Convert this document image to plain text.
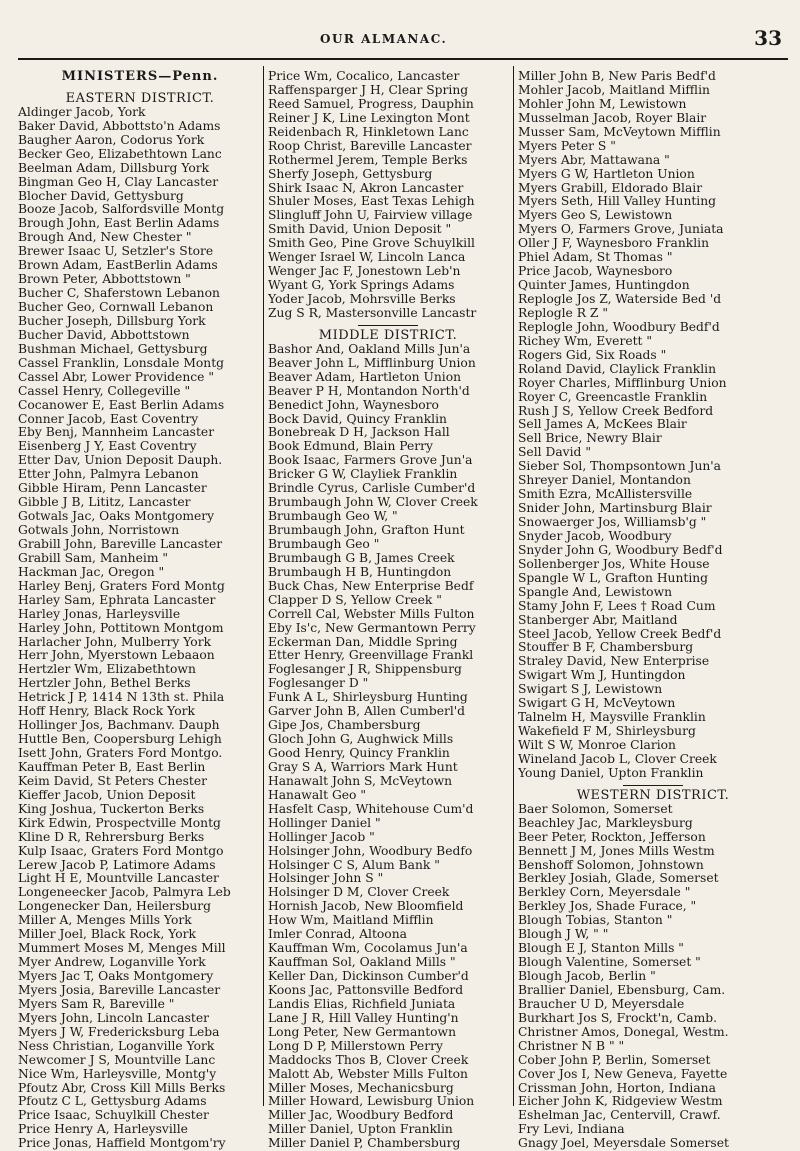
OUR ALMANAC.	33
MINISTERS—Penn.
EASTERN DISTRICT.
Aldinger Jacob, York
Baker David, Abbottsto'n Adams
Baugher Aaron, Codorus York
Becker Geo, Elizabethtown Lanc
Beelman Adam, Dillsburg York
Bingman Geo H, Clay Lancaster
Blocher David, Gettysburg
Booze Jacob, Salfordsville Montg
Brough John, East Berlin Adams
Brough And, New Chester "
Brewer Isaac U, Setzler's Store
Brown Adam, EastBerlin Adams
Brown Peter, Abbottstown "
Bucher C, Shaferstown Lebanon
Bucher Geo, Cornwall Lebanon
Bucher Joseph, Dillsburg York
Bucher David, Abbottstown
Bushman Michael, Gettysburg
Cassel Franklin, Lonsdale Montg
Cassel Abr, Lower Providence "
Cassel Henry, Collegeville "
Cocanower E, East Berlin Adams
Conner Jacob, East Coventry
Eby Benj, Mannheim Lancaster
Eisenberg J Y, East Coventry
Etter Dav, Union Deposit Dauph.
Etter John, Palmyra Lebanon
Gibble Hiram, Penn Lancaster
Gibble J B, Lititz, Lancaster
Gotwals Jac, Oaks Montgomery
Gotwals John, Norristown
Grabill John, Bareville Lancaster
Grabill Sam, Manheim "
Hackman Jac, Oregon "
Harley Benj, Graters Ford Montg
Harley Sam, Ephrata Lancaster
Harley Jonas, Harleysville
Harley John, Pottitown Montgom
Harlacher John, Mulberry York
Herr John, Myerstown Lebaaon
Hertzler Wm, Elizabethtown
Hertzler John, Bethel Berks
Hetrick J P, 1414 N 13th st. Phila
Hoff Henry, Black Rock York
Hollinger Jos, Bachmanv. Dauph
Huttle Ben, Coopersburg Lehigh
Isett John, Graters Ford Montgo.
Kauffman Peter B, East Berlin
Keim David, St Peters Chester
Kieffer Jacob, Union Deposit
King Joshua, Tuckerton Berks
Kirk Edwin, Prospectville Montg
Kline D R, Rehrersburg Berks
Kulp Isaac, Graters Ford Montgo
Lerew Jacob P, Latimore Adams
Light H E, Mountville Lancaster
Longeneecker Jacob, Palmyra Leb
Longenecker Dan, Heilersburg
Miller A, Menges Mills York
Miller Joel, Black Rock, York
Mummert Moses M, Menges Mill
Myer Andrew, Loganville York
Myers Jac T, Oaks Montgomery
Myers Josia, Bareville Lancaster
Myers Sam R, Bareville "
Myers John, Lincoln Lancaster
Myers J W, Fredericksburg Leba
Ness Christian, Loganville York
Newcomer J S, Mountville Lanc
Nice Wm, Harleysville, Montg'y
Pfoutz Abr, Cross Kill Mills Berks
Pfoutz C L, Gettysburg Adams
Price Isaac, Schuylkill Chester
Price Henry A, Harleysville
Price Jonas, Haffield Montgom'ry
Price Wm, Cocalico, Lancaster
Raffensparger J H, Clear Spring
Reed Samuel, Progress, Dauphin
Reiner J K, Line Lexington Mont
Reidenbach R, Hinkletown Lanc
Roop Christ, Bareville Lancaster
Rothermel Jerem, Temple Berks
Sherfy Joseph, Gettysburg
Shirk Isaac N, Akron Lancaster
Shuler Moses, East Texas Lehigh
Slingluff John U, Fairview village
Smith David, Union Deposit "
Smith Geo, Pine Grove Schuylkill
Wenger Israel W, Lincoln Lanca
Wenger Jac F, Jonestown Leb'n
Wyant G, York Springs Adams
Yoder Jacob, Mohrsville Berks
Zug S R, Mastersonville Lancastr
MIDDLE DISTRICT.
Bashor And, Oakland Mills Jun'a
Beaver John L, Mifflinburg Union
Beaver Adam, Hartleton Union
Beaver P H, Montandon North'd
Benedict John, Waynesboro
Bock David, Quincy Franklin
Bonebreak D H, Jackson Hall
Book Edmund, Blain Perry
Book Isaac, Farmers Grove Jun'a
Bricker G W, Clayliek Franklin
Brindle Cyrus, Carlisle Cumber'd
Brumbaugh John W, Clover Creek
Brumbaugh Geo W, "
Brumbaugh John, Grafton Hunt
Brumbaugh Geo "
Brumbaugh G B, James Creek
Brumbaugh H B, Huntingdon
Buck Chas, New Enterprise Bedf
Clapper D S, Yellow Creek "
Correll Cal, Webster Mills Fulton
Eby Is'c, New Germantown Perry
Eckerman Dan, Middle Spring
Etter Henry, Greenvillage Frankl
Foglesanger J R, Shippensburg
Foglesanger D "
Funk A L, Shirleysburg Hunting
Garver John B, Allen Cumberl'd
Gipe Jos, Chambersburg
Gloch John G, Aughwick Mills
Good Henry, Quincy Franklin
Gray S A, Warriors Mark Hunt
Hanawalt John S, McVeytown
Hanawalt Geo "
Hasfelt Casp, Whitehouse Cum'd
Hollinger Daniel "
Hollinger Jacob "
Holsinger John, Woodbury Bedfo
Holsinger C S, Alum Bank "
Holsinger John S "
Holsinger D M, Clover Creek
Hornish Jacob, New Bloomfield
How Wm, Maitland Mifflin
Imler Conrad, Altoona
Kauffman Wm, Cocolamus Jun'a
Kauffman Sol, Oakland Mills "
Keller Dan, Dickinson Cumber'd
Koons Jac, Pattonsville Bedford
Landis Elias, Richfield Juniata
Lane J R, Hill Valley Hunting'n
Long Peter, New Germantown
Long D P, Millerstown Perry
Maddocks Thos B, Clover Creek
Malott Ab, Webster Mills Fulton
Miller Moses, Mechanicsburg
Miller Howard, Lewisburg Union
Miller Jac, Woodbury Bedford
Miller Daniel, Upton Franklin
Miller Daniel P, Chambersburg
Miller John B, New Paris Bedf'd
Mohler Jacob, Maitland Mifflin
Mohler John M, Lewistown
Musselman Jacob, Royer Blair
Musser Sam, McVeytown Mifflin
Myers Peter S "
Myers Abr, Mattawana "
Myers G W, Hartleton Union
Myers Grabill, Eldorado Blair
Myers Seth, Hill Valley Hunting
Myers Geo S, Lewistown
Myers O, Farmers Grove, Juniata
Oller J F, Waynesboro Franklin
Phiel Adam, St Thomas "
Price Jacob, Waynesboro
Quinter James, Huntingdon
Replogle Jos Z, Waterside Bed 'd
Replogle R Z "
Replogle John, Woodbury Bedf'd
Richey Wm, Everett "
Rogers Gid, Six Roads "
Roland David, Claylick Franklin
Royer Charles, Mifflinburg Union
Royer C, Greencastle Franklin
Rush J S, Yellow Creek Bedford
Sell James A, McKees Blair
Sell Brice, Newry Blair
Sell David "
Sieber Sol, Thompsontown Jun'a
Shreyer Daniel, Montandon
Smith Ezra, McAllistersville
Snider John, Martinsburg Blair
Snowaerger Jos, Williamsb'g "
Snyder Jacob, Woodbury
Snyder John G, Woodbury Bedf'd
Sollenberger Jos, White House
Spangle W L, Grafton Hunting
Spangle And, Lewistown
Stamy John F, Lees † Road Cum
Stanberger Abr, Maitland
Steel Jacob, Yellow Creek Bedf'd
Stouffer B F, Chambersburg
Straley David, New Enterprise
Swigart Wm J, Huntingdon
Swigart S J, Lewistown
Swigart G H, McVeytown
Talnelm H, Maysville Franklin
Wakefield F M, Shirleysburg
Wilt S W, Monroe Clarion
Wineland Jacob L, Clover Creek
Young Daniel, Upton Franklin
WESTERN DISTRICT.
Baer Solomon, Somerset
Beachley Jac, Markleysburg
Beer Peter, Rockton, Jefferson
Bennett J M, Jones Mills Westm
Benshoff Solomon, Johnstown
Berkley Josiah, Glade, Somerset
Berkley Corn, Meyersdale "
Berkley Jos, Shade Furace, "
Blough Tobias, Stanton "
Blough J W, " "
Blough E J, Stanton Mills "
Blough Valentine, Somerset "
Blough Jacob, Berlin "
Brallier Daniel, Ebensburg, Cam.
Braucher U D, Meyersdale
Burkhart Jos S, Frockt'n, Camb.
Christner Amos, Donegal, Westm.
Christner N B " "
Cober John P, Berlin, Somerset
Cover Jos I, New Geneva, Fayette
Crissman John, Horton, Indiana
Eicher John K, Ridgeview Westm
Eshelman Jac, Centervill, Crawf.
Fry Levi, Indiana
Gnagy Joel, Meyersdale Somerset
